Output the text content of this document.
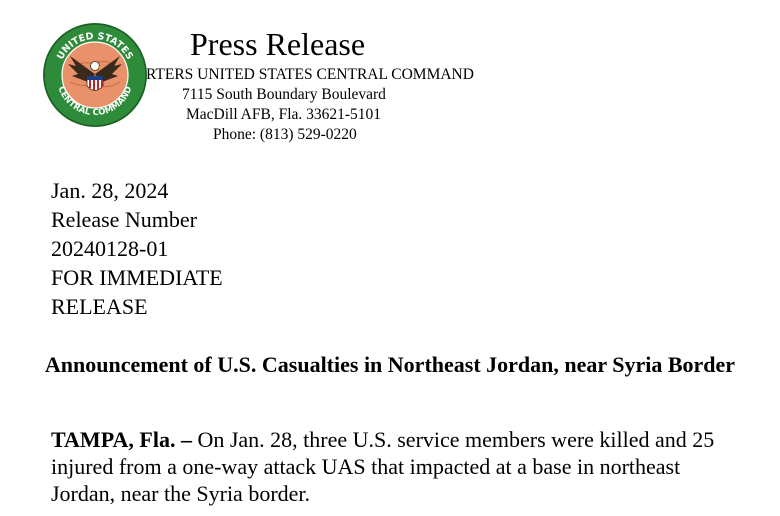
UNITED STATES
CENTRAL COMMAND
Press Release
RTERS UNITED STATES CENTRAL COMMAND
7115 South Boundary Boulevard
MacDill AFB, Fla. 33621-5101
Phone: (813) 529-0220
Jan. 28, 2024
Release Number
20240128-01
FOR IMMEDIATE
RELEASE
Announcement of U.S. Casualties in Northeast Jordan, near Syria Border
TAMPA, Fla. – On Jan. 28, three U.S. service members were killed and 25 injured from a one-way attack UAS that impacted at a base in northeast Jordan, near the Syria border.
